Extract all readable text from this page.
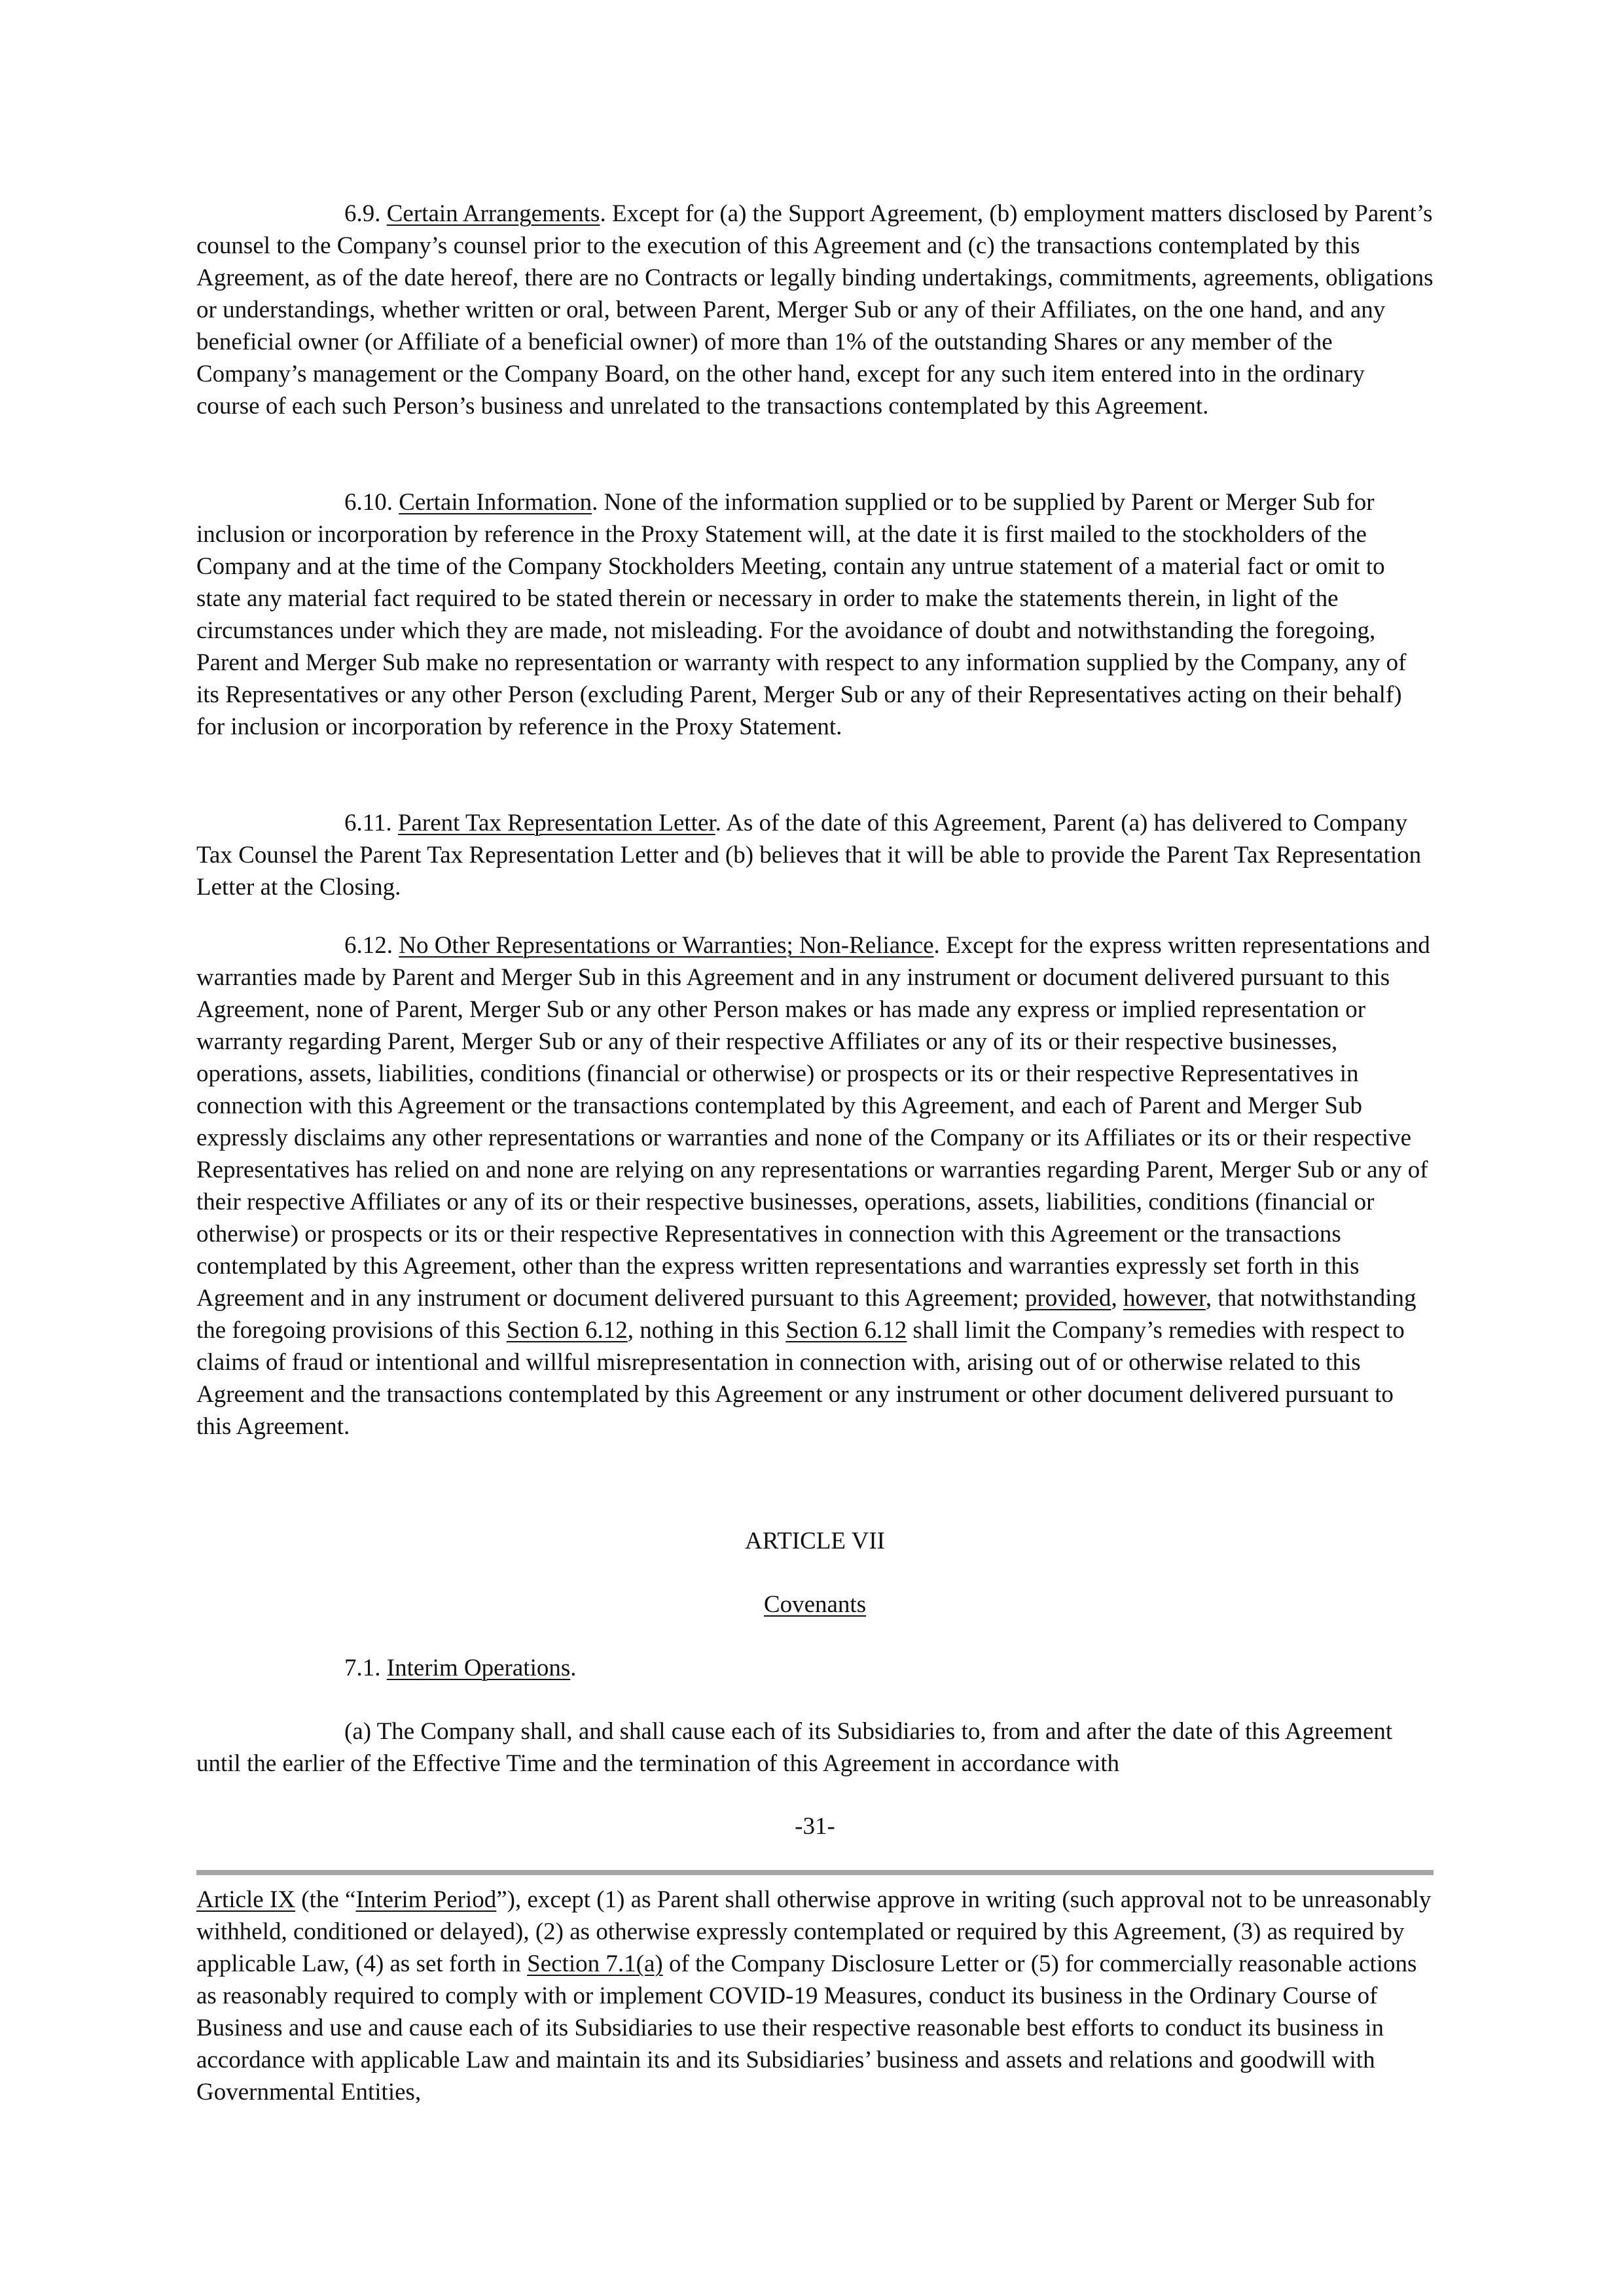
6.9. Certain Arrangements. Except for (a) the Support Agreement, (b) employment matters disclosed by Parent’s counsel to the Company’s counsel prior to the execution of this Agreement and (c) the transactions contemplated by this Agreement, as of the date hereof, there are no Contracts or legally binding undertakings, commitments, agreements, obligations or understandings, whether written or oral, between Parent, Merger Sub or any of their Affiliates, on the one hand, and any beneficial owner (or Affiliate of a beneficial owner) of more than 1% of the outstanding Shares or any member of the Company’s management or the Company Board, on the other hand, except for any such item entered into in the ordinary course of each such Person’s business and unrelated to the transactions contemplated by this Agreement.

6.10. Certain Information. None of the information supplied or to be supplied by Parent or Merger Sub for inclusion or incorporation by reference in the Proxy Statement will, at the date it is first mailed to the stockholders of the Company and at the time of the Company Stockholders Meeting, contain any untrue statement of a material fact or omit to state any material fact required to be stated therein or necessary in order to make the statements therein, in light of the circumstances under which they are made, not misleading. For the avoidance of doubt and notwithstanding the foregoing, Parent and Merger Sub make no representation or warranty with respect to any information supplied by the Company, any of its Representatives or any other Person (excluding Parent, Merger Sub or any of their Representatives acting on their behalf) for inclusion or incorporation by reference in the Proxy Statement.

6.11. Parent Tax Representation Letter. As of the date of this Agreement, Parent (a) has delivered to Company Tax Counsel the Parent Tax Representation Letter and (b) believes that it will be able to provide the Parent Tax Representation Letter at the Closing.

6.12. No Other Representations or Warranties; Non-Reliance. Except for the express written representations and warranties made by Parent and Merger Sub in this Agreement and in any instrument or document delivered pursuant to this Agreement, none of Parent, Merger Sub or any other Person makes or has made any express or implied representation or warranty regarding Parent, Merger Sub or any of their respective Affiliates or any of its or their respective businesses, operations, assets, liabilities, conditions (financial or otherwise) or prospects or its or their respective Representatives in connection with this Agreement or the transactions contemplated by this Agreement, and each of Parent and Merger Sub expressly disclaims any other representations or warranties and none of the Company or its Affiliates or its or their respective Representatives has relied on and none are relying on any representations or warranties regarding Parent, Merger Sub or any of their respective Affiliates or any of its or their respective businesses, operations, assets, liabilities, conditions (financial or otherwise) or prospects or its or their respective Representatives in connection with this Agreement or the transactions contemplated by this Agreement, other than the express written representations and warranties expressly set forth in this Agreement and in any instrument or document delivered pursuant to this Agreement; provided, however, that notwithstanding the foregoing provisions of this Section 6.12, nothing in this Section 6.12 shall limit the Company’s remedies with respect to claims of fraud or intentional and willful misrepresentation in connection with, arising out of or otherwise related to this Agreement and the transactions contemplated by this Agreement or any instrument or other document delivered pursuant to this Agreement.

ARTICLE VII
Covenants

7.1. Interim Operations.

(a) The Company shall, and shall cause each of its Subsidiaries to, from and after the date of this Agreement until the earlier of the Effective Time and the termination of this Agreement in accordance with

-31-

Article IX (the “Interim Period”), except (1) as Parent shall otherwise approve in writing (such approval not to be unreasonably withheld, conditioned or delayed), (2) as otherwise expressly contemplated or required by this Agreement, (3) as required by applicable Law, (4) as set forth in Section 7.1(a) of the Company Disclosure Letter or (5) for commercially reasonable actions as reasonably required to comply with or implement COVID-19 Measures, conduct its business in the Ordinary Course of Business and use and cause each of its Subsidiaries to use their respective reasonable best efforts to conduct its business in accordance with applicable Law and maintain its and its Subsidiaries’ business and assets and relations and goodwill with Governmental Entities,
